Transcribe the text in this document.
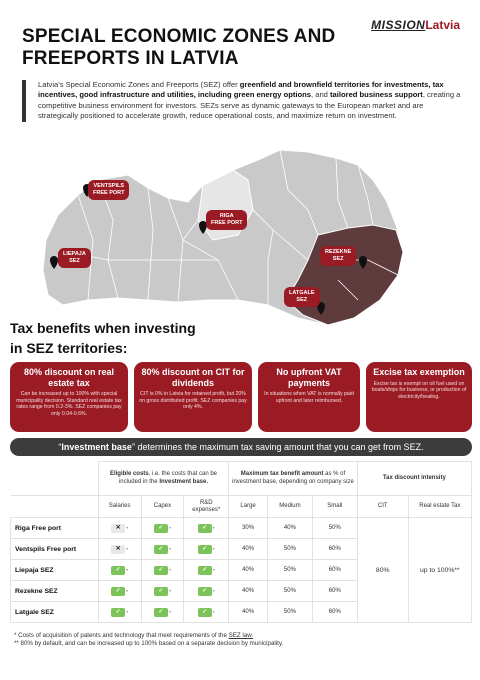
SPECIAL ECONOMIC ZONES AND FREEPORTS IN LATVIA
MISSIONLatvia
Latvia's Special Economic Zones and Freeports (SEZ) offer greenfield and brownfield territories for investments, tax incentives, good infrastructure and utilities, including green energy options, and tailored business support, creating a competitive business environment for investors. SEZs serve as dynamic gateways to the European market and are strategically positioned to accelerate growth, reduce operational costs, and maximize return on investment.
VENTSPILS
FREE PORT
RIGA
FREE PORT
LIEPAJA
SEZ
REZEKNE
SEZ
LATGALE
SEZ
Tax benefits when investing
in SEZ territories:
80% discount on real estate tax
Can be increased up to 100% with special municipality decision. Standard real estate tax rates range from 0.2-3%. SEZ companies pay only 0.04-0.6%.
80% discount on CIT for dividends
CIT is 0% in Latvia for retained profit, but 20% on gross distributed profit. SEZ companies pay only 4%.
No upfront VAT payments
In situations when VAT is normally paid upfront and later reimbursed.
Excise tax exemption
Excise tax is exempt on oil fuel used on boats/ships for business, or production of electricity/heating.
“Investment base” determines the maximum tax saving amount that you can get from SEZ.
	Eligible costs, i.e. the costs that can be included in the Investment base.			Maximum tax benefit amount as % of investment base, depending on company size			Tax discount intensity	
	Salaries	Capex	R&D expenses*	Large	Medium	Small	CIT	Real estate Tax
Riga Free port	✕ ▾	✓ ▾	✓ ▾	30%	40%	50%	80%	up to 100%**
Ventspils Free port	✕ ▾	✓ ▾	✓ ▾	40%	50%	60%		
Liepaja SEZ	✓ ▾	✓ ▾	✓ ▾	40%	50%	60%		
Rezekne SEZ	✓ ▾	✓ ▾	✓ ▾	40%	50%	60%		
Latgale SEZ	✓ ▾	✓ ▾	✓ ▾	40%	50%	60%		
* Costs of acquisition of patents and technology that meet requirements of the SEZ law.
** 80% by default, and can be increased up to 100% based on a separate decision by municipality.
